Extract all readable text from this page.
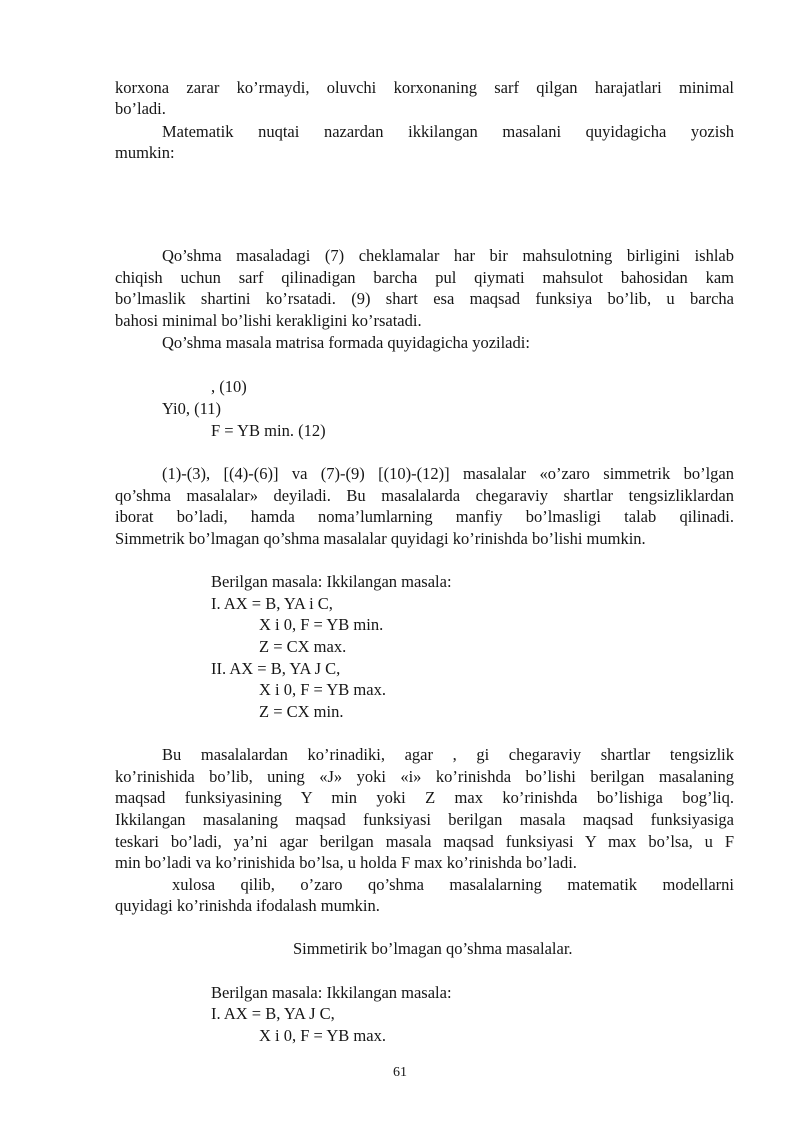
korxona zarar ko’rmaydi, oluvchi korxonaning sarf qilgan harajatlari minimal
bo’ladi.
Matematik nuqtai nazardan ikkilangan masalani quyidagicha yozish
mumkin:
Qo’shma masaladagi (7) cheklamalar har bir mahsulotning birligini ishlab
chiqish uchun sarf qilinadigan barcha pul qiymati mahsulot bahosidan kam
bo’lmaslik shartini ko’rsatadi. (9) shart esa maqsad funksiya bo’lib, u barcha
bahosi minimal bo’lishi kerakligini ko’rsatadi.
Qo’shma masala matrisa formada quyidagicha yoziladi:
, (10)
Yi0, (11)
F = YB min. (12)
(1)-(3), [(4)-(6)] va (7)-(9) [(10)-(12)] masalalar «o’zaro simmetrik bo’lgan
qo’shma masalalar» deyiladi. Bu masalalarda chegaraviy shartlar tengsizliklardan
iborat bo’ladi, hamda noma’lumlarning manfiy bo’lmasligi talab qilinadi.
Simmetrik bo’lmagan qo’shma masalalar quyidagi ko’rinishda bo’lishi mumkin.
Berilgan masala: Ikkilangan masala:
I. AX = B, YA i C,
X i 0, F = YB min.
Z = CX max.
II. AX = B, YA J C,
X i 0, F = YB max.
Z = CX min.
Bu masalalardan ko’rinadiki, agar , gi chegaraviy shartlar tengsizlik
ko’rinishida bo’lib, uning «J» yoki «i» ko’rinishda bo’lishi berilgan masalaning
maqsad funksiyasining Y min yoki Z max ko’rinishda bo’lishiga bog’liq.
Ikkilangan masalaning maqsad funksiyasi berilgan masala maqsad funksiyasiga
teskari bo’ladi, ya’ni agar berilgan masala maqsad funksiyasi Y max bo’lsa, u F
min bo’ladi va ko’rinishida bo’lsa, u holda F max ko’rinishda bo’ladi.
xulosa qilib, o’zaro qo’shma masalalarning matematik modellarni
quyidagi ko’rinishda ifodalash mumkin.
Simmetirik bo’lmagan qo’shma masalalar.
Berilgan masala: Ikkilangan masala:
I. AX = B, YA J C,
X i 0, F = YB max.
61
